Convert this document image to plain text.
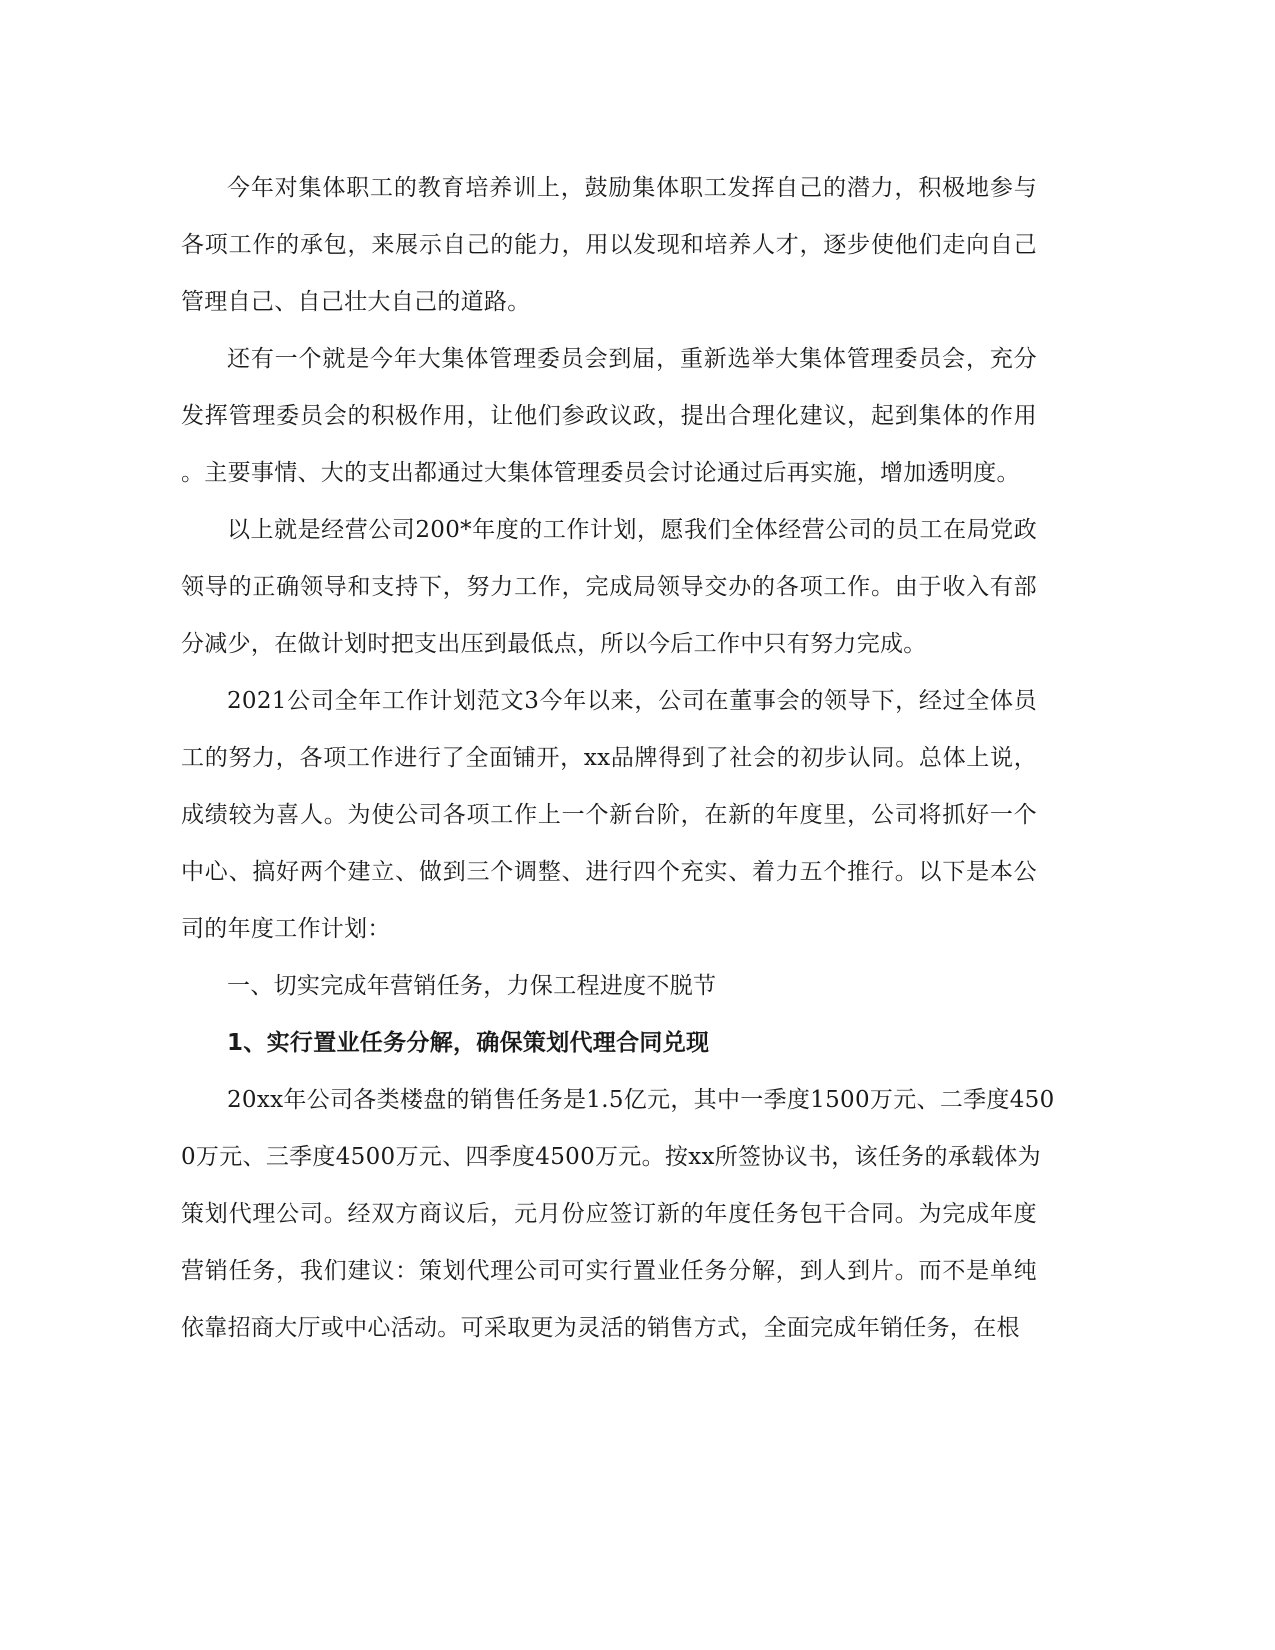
今年对集体职工的教育培养训上，鼓励集体职工发挥自己的潜力，积极地参与
各项工作的承包，来展示自己的能力，用以发现和培养人才，逐步使他们走向自己
管理自己、自己壮大自己的道路。
还有一个就是今年大集体管理委员会到届，重新选举大集体管理委员会，充分
发挥管理委员会的积极作用，让他们参政议政，提出合理化建议，起到集体的作用
。主要事情、大的支出都通过大集体管理委员会讨论通过后再实施，增加透明度。
以上就是经营公司200*年度的工作计划，愿我们全体经营公司的员工在局党政
领导的正确领导和支持下，努力工作，完成局领导交办的各项工作。由于收入有部
分减少，在做计划时把支出压到最低点，所以今后工作中只有努力完成。
2021公司全年工作计划范文3今年以来，公司在董事会的领导下，经过全体员
工的努力，各项工作进行了全面铺开，xx品牌得到了社会的初步认同。总体上说，
成绩较为喜人。为使公司各项工作上一个新台阶，在新的年度里，公司将抓好一个
中心、搞好两个建立、做到三个调整、进行四个充实、着力五个推行。以下是本公
司的年度工作计划：
一、切实完成年营销任务，力保工程进度不脱节
1、实行置业任务分解，确保策划代理合同兑现
20xx年公司各类楼盘的销售任务是1.5亿元，其中一季度1500万元、二季度450
0万元、三季度4500万元、四季度4500万元。按xx所签协议书，该任务的承载体为
策划代理公司。经双方商议后，元月份应签订新的年度任务包干合同。为完成年度
营销任务，我们建议：策划代理公司可实行置业任务分解，到人到片。而不是单纯
依靠招商大厅或中心活动。可采取更为灵活的销售方式，全面完成年销任务，在根
